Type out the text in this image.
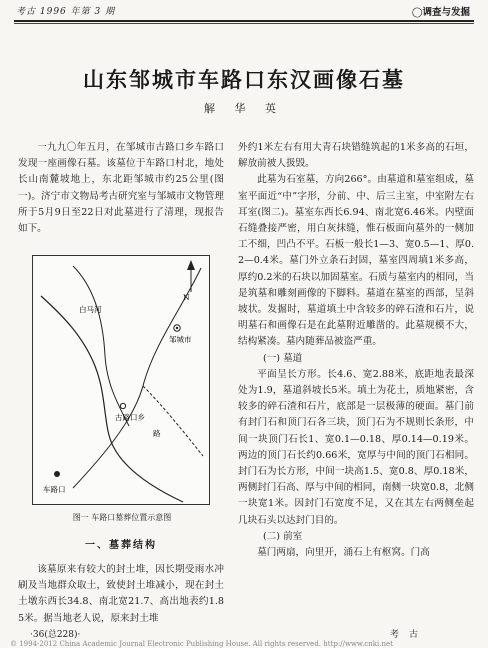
考古 1996 年第 3 期	◯调查与发掘
山东邹城市车路口东汉画像石墓
解 华 英

一九九〇年五月，在邹城市古路口乡车路口发现一座画像石墓。该墓位于车路口村北，地处长山南麓坡地上，东北距邹城市约25公里(图一)。济宁市文物局考古研究室与邹城市文物管理所于5月9日至22日对此墓进行了清理，现报告如下。

N
邹城市
古路口乡
车路口
白马河
路
图一 车路口墓葬位置示意图
一、墓葬结构

该墓原来有较大的封土堆，因长期受雨水冲刷及当地群众取土，致使封土堆减小，现在封土土墩东西长34.8、南北宽21.7、高出地表约1.85米。据当地老人说，原来封土堆

外约1米左右有用大青石块错缝筑起的1米多高的石垣，解放前被人扱毁。

此墓为石室墓，方向266°。由墓道和墓室组成，墓室平面近“中”字形，分前、中、后三主室，中室附左右耳室(图二)。墓室东西长6.94、南北宽6.46米。内壁面石缝叠接严密，用白灰抹缝，惟石板面向墓外的一侧加工不细，凹凸不平。石板一般长1—3、宽0.5—1、厚0.2—0.4米。墓门外立条石封固，墓室四周填1米多高，厚约0.2米的石块以加固墓室。石质与墓室内的相同，当是筑墓和雕刻画像的下脚料。墓道在墓室的西部，呈斜坡状。发掘时，墓道填土中含较多的碎石渣和石片，说明墓石和画像石是在此墓附近雕凿的。此墓规模不大，结构紧凑。墓内随葬品被盗严重。

(一) 墓道

平面呈长方形。长4.6、宽2.88米，底距地表最深处为1.9，墓道斜坡长5米。填土为花土，质地紧密，含较多的碎石渣和石片，底部是一层极薄的硬面。墓门前有封门石和顶门石各三块，顶门石为不规则长条形，中间一块顶门石长1、宽0.1—0.18、厚0.14—0.19米。两边的顶门石长约0.66米，宽厚与中间的顶门石相同。封门石为长方形，中间一块高1.5、宽0.8、厚0.18米，两侧封门石高、厚与中间的相同，南侧一块宽0.8，北侧一块宽1米。因封门石宽度不足，又在其左右两侧垒起几块石头以达封门目的。

(二) 前室

墓门两扇，向里开，涌石上有枢窝。门高

·36(总228)·	考古
© 1994-2012 China Academic Journal Electronic Publishing House. All rights reserved. http://www.cnki.net
